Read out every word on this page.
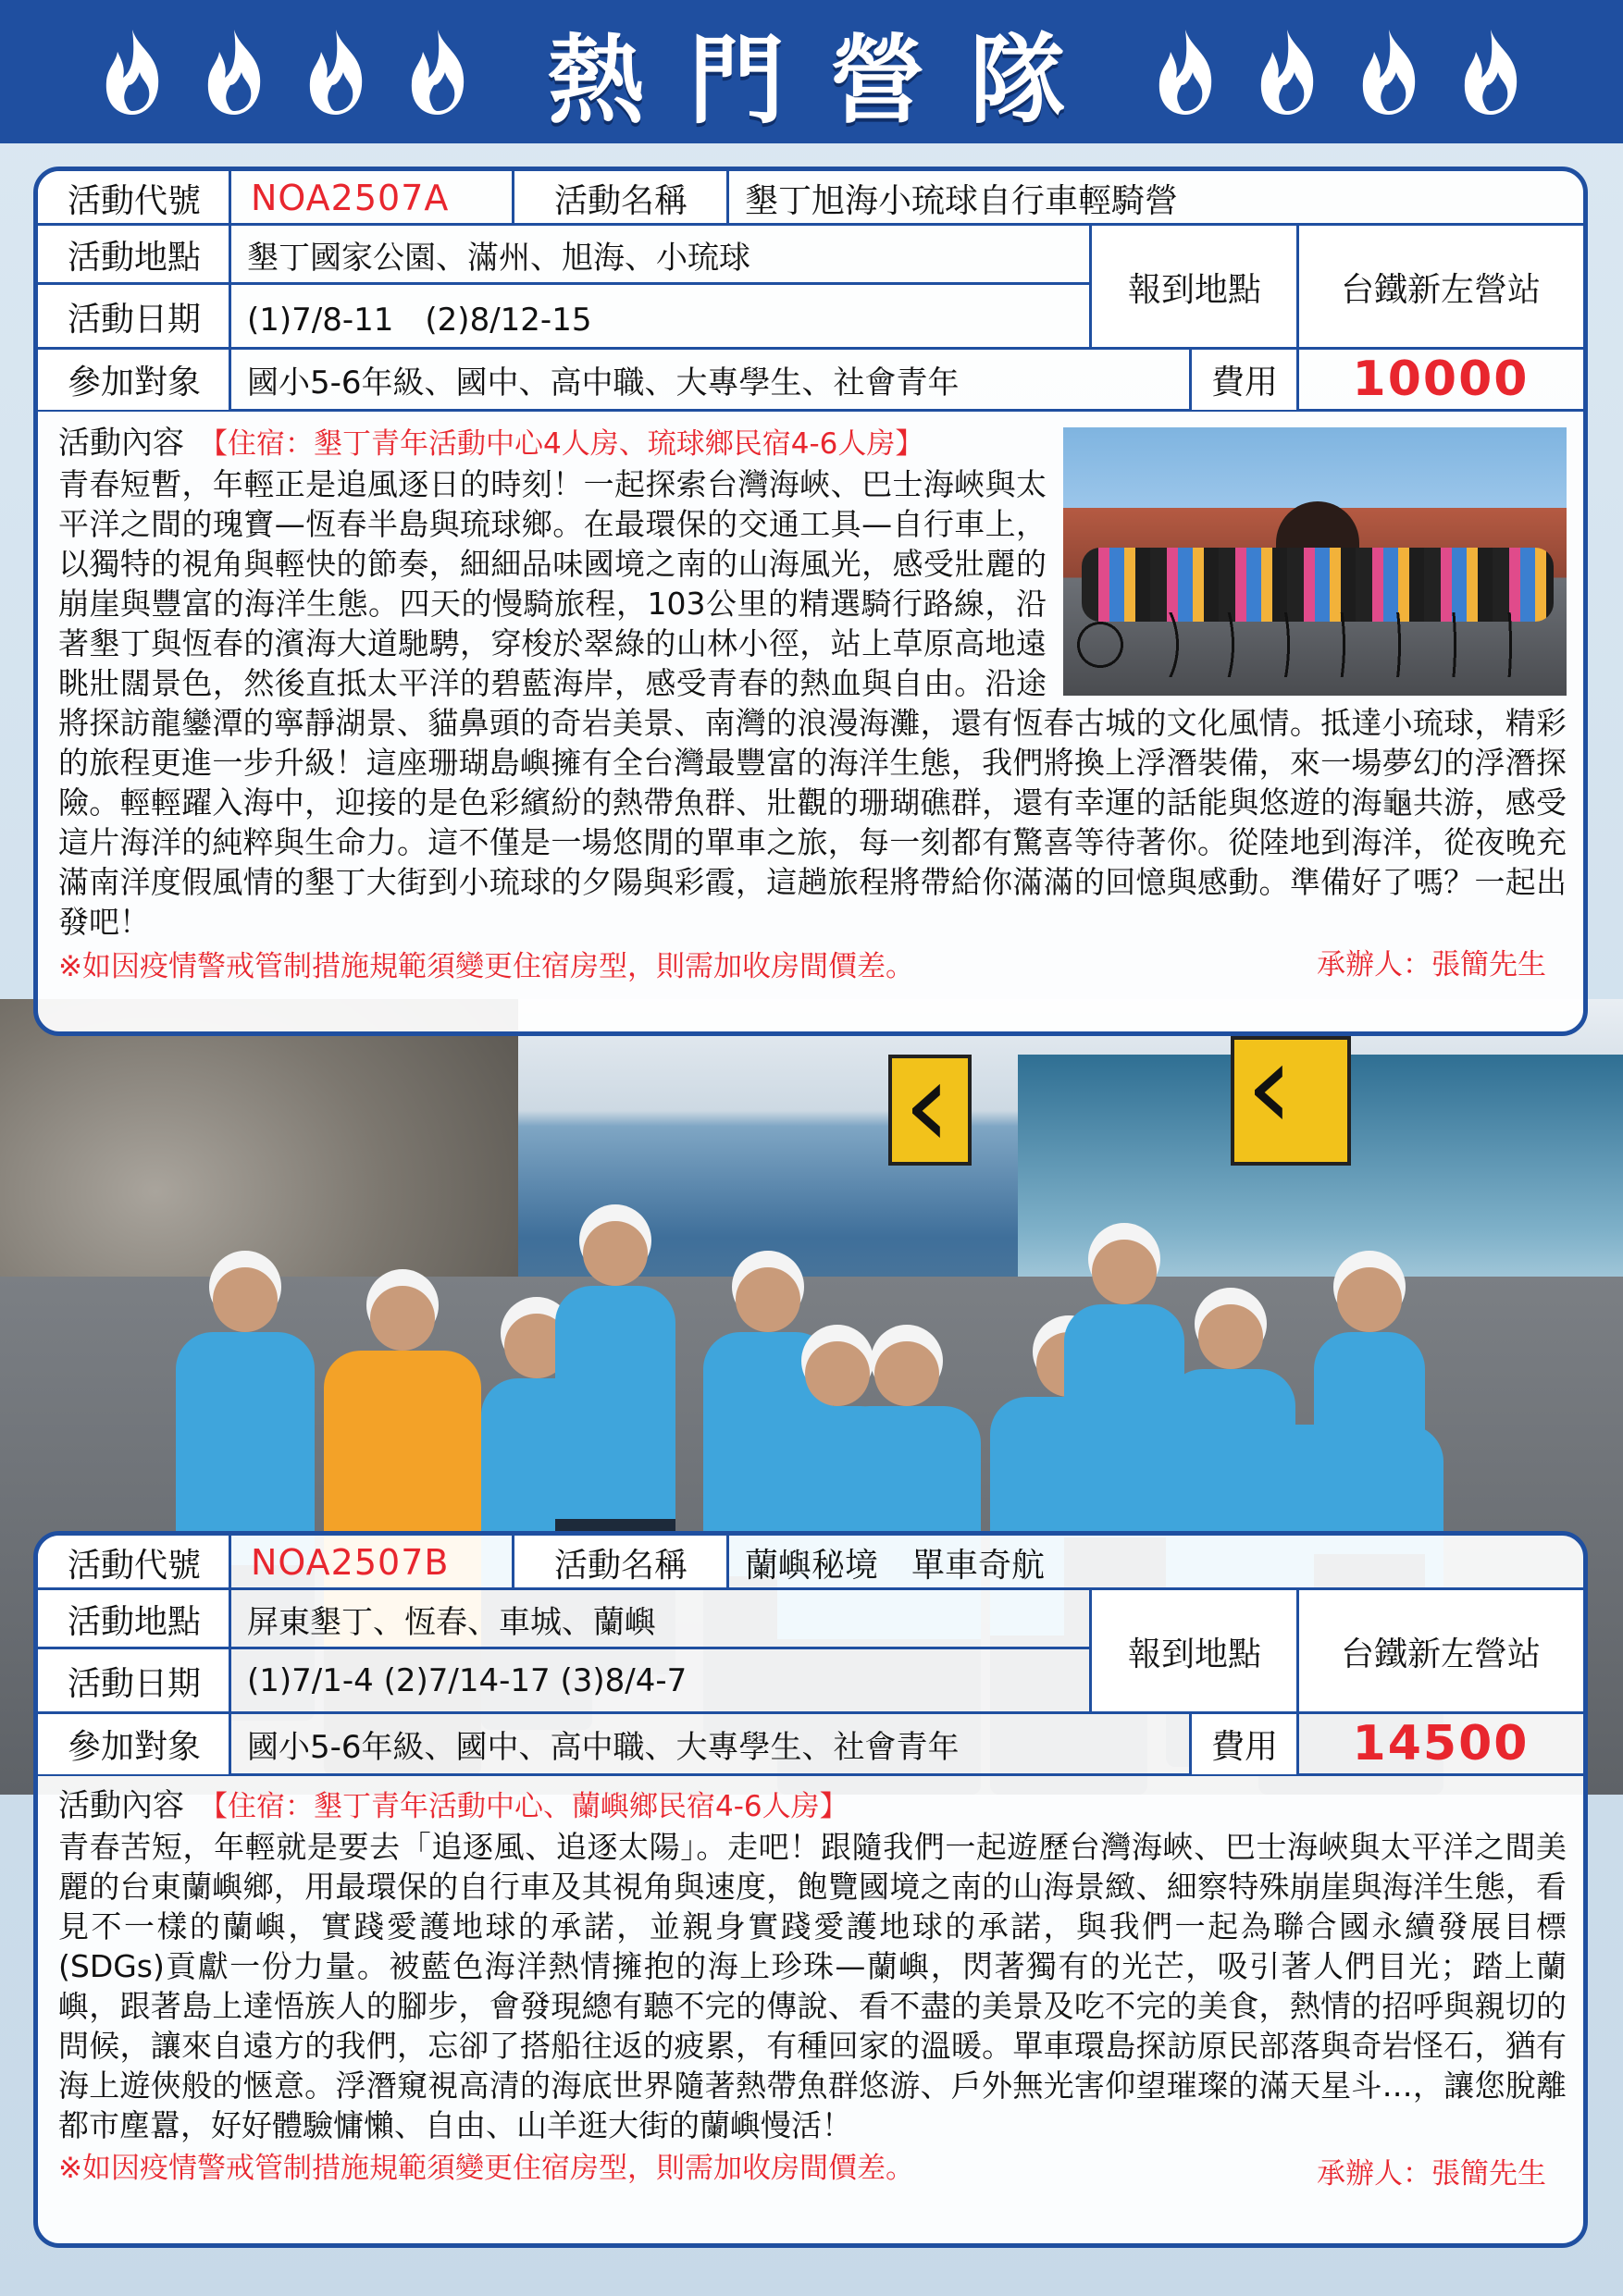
熱門營隊
‹
‹
活動代號	NOA2507A	活動名稱	墾丁旭海小琉球自行車輕騎營
活動地點	墾丁國家公園、滿州、旭海、小琉球
報到地點	台鐵新左營站
活動日期	(1)7/8-11　(2)8/12-15
參加對象	國小5-6年級、國中、高中職、大專學生、社會青年	費用	10000
活動內容 【住宿：墾丁青年活動中心4人房、琉球鄉民宿4-6人房】
青春短暫，年輕正是追風逐日的時刻！一起探索台灣海峽、巴士海峽與太平洋之間的瑰寶—恆春半島與琉球鄉。在最環保的交通工具—自行車上，以獨特的視角與輕快的節奏，細細品味國境之南的山海風光，感受壯麗的崩崖與豐富的海洋生態。四天的慢騎旅程，103公里的精選騎行路線，沿著墾丁與恆春的濱海大道馳騁，穿梭於翠綠的山林小徑，站上草原高地遠眺壯闊景色，然後直抵太平洋的碧藍海岸，感受青春的熱血與自由。沿途將探訪龍鑾潭的寧靜湖景、貓鼻頭的奇岩美景、南灣的浪漫海灘，還有恆春古城的文化風情。抵達小琉球，精彩的旅程更進一步升級！這座珊瑚島嶼擁有全台灣最豐富的海洋生態，我們將換上浮潛裝備，來一場夢幻的浮潛探險。輕輕躍入海中，迎接的是色彩繽紛的熱帶魚群、壯觀的珊瑚礁群，還有幸運的話能與悠遊的海龜共游，感受這片海洋的純粹與生命力。這不僅是一場悠閒的單車之旅，每一刻都有驚喜等待著你。從陸地到海洋，從夜晚充滿南洋度假風情的墾丁大街到小琉球的夕陽與彩霞，這趟旅程將帶給你滿滿的回憶與感動。準備好了嗎？一起出發吧！
※如因疫情警戒管制措施規範須變更住宿房型，則需加收房間價差。	承辦人：張簡先生
活動代號	NOA2507B	活動名稱	蘭嶼秘境　單車奇航
活動地點	屏東墾丁、恆春、車城、蘭嶼
報到地點	台鐵新左營站
活動日期	(1)7/1-4 (2)7/14-17 (3)8/4-7
參加對象	國小5-6年級、國中、高中職、大專學生、社會青年	費用	14500
活動內容 【住宿：墾丁青年活動中心、蘭嶼鄉民宿4-6人房】
青春苦短，年輕就是要去「追逐風、追逐太陽」。走吧！跟隨我們一起遊歷台灣海峽、巴士海峽與太平洋之間美麗的台東蘭嶼鄉，用最環保的自行車及其視角與速度，飽覽國境之南的山海景緻、細察特殊崩崖與海洋生態，看見不一樣的蘭嶼，實踐愛護地球的承諾，並親身實踐愛護地球的承諾，與我們一起為聯合國永續發展目標(SDGs)貢獻一份力量。被藍色海洋熱情擁抱的海上珍珠—蘭嶼，閃著獨有的光芒，吸引著人們目光；踏上蘭嶼，跟著島上達悟族人的腳步，會發現總有聽不完的傳說、看不盡的美景及吃不完的美食，熱情的招呼與親切的問候，讓來自遠方的我們，忘卻了搭船往返的疲累，有種回家的溫暖。單車環島探訪原民部落與奇岩怪石，猶有海上遊俠般的愜意。浮潛窺視高清的海底世界隨著熱帶魚群悠游、戶外無光害仰望璀璨的滿天星斗…，讓您脫離都市塵囂，好好體驗慵懶、自由、山羊逛大街的蘭嶼慢活！
※如因疫情警戒管制措施規範須變更住宿房型，則需加收房間價差。	承辦人：張簡先生
